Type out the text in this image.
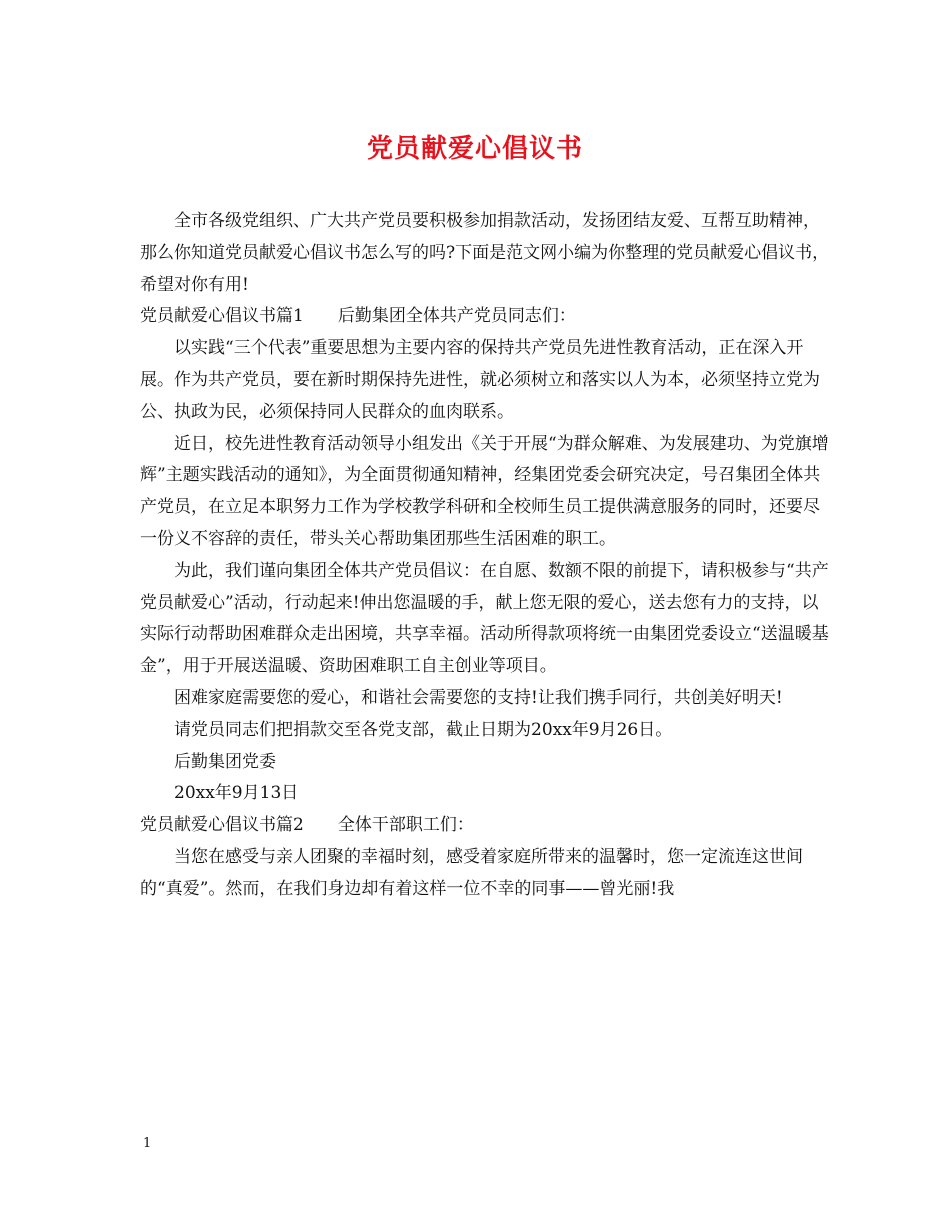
党员献爱心倡议书

全市各级党组织、广大共产党员要积极参加捐款活动，发扬团结友爱、互帮互助精神，那么你知道党员献爱心倡议书怎么写的吗?下面是范文网小编为你整理的党员献爱心倡议书，希望对你有用!

党员献爱心倡议书篇1　　后勤集团全体共产党员同志们：

以实践“三个代表”重要思想为主要内容的保持共产党员先进性教育活动，正在深入开展。作为共产党员，要在新时期保持先进性，就必须树立和落实以人为本，必须坚持立党为公、执政为民，必须保持同人民群众的血肉联系。

近日，校先进性教育活动领导小组发出《关于开展“为群众解难、为发展建功、为党旗增辉”主题实践活动的通知》，为全面贯彻通知精神，经集团党委会研究决定，号召集团全体共产党员，在立足本职努力工作为学校教学科研和全校师生员工提供满意服务的同时，还要尽一份义不容辞的责任，带头关心帮助集团那些生活困难的职工。

为此，我们谨向集团全体共产党员倡议：在自愿、数额不限的前提下，请积极参与“共产党员献爱心”活动，行动起来!伸出您温暖的手，献上您无限的爱心，送去您有力的支持，以实际行动帮助困难群众走出困境，共享幸福。活动所得款项将统一由集团党委设立“送温暖基金”，用于开展送温暖、资助困难职工自主创业等项目。

困难家庭需要您的爱心，和谐社会需要您的支持!让我们携手同行，共创美好明天!

请党员同志们把捐款交至各党支部，截止日期为20xx年9月26日。

后勤集团党委

20xx年9月13日

党员献爱心倡议书篇2　　全体干部职工们：

当您在感受与亲人团聚的幸福时刻，感受着家庭所带来的温馨时，您一定流连这世间的“真爱”。然而，在我们身边却有着这样一位不幸的同事——曾光丽!我

1
